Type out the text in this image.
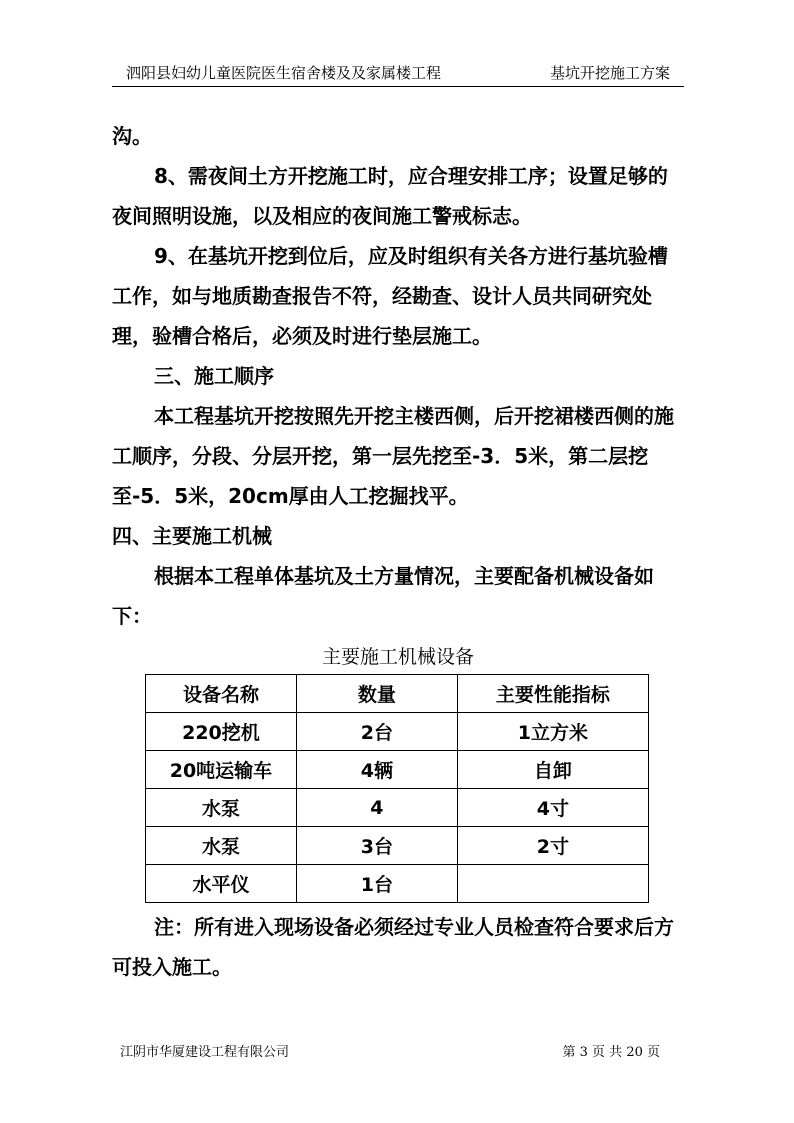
泗阳县妇幼儿童医院医生宿舍楼及及家属楼工程	基坑开挖施工方案

沟。

8、需夜间土方开挖施工时，应合理安排工序；设置足够的夜间照明设施，以及相应的夜间施工警戒标志。

9、在基坑开挖到位后，应及时组织有关各方进行基坑验槽工作，如与地质勘查报告不符，经勘查、设计人员共同研究处理，验槽合格后，必须及时进行垫层施工。

三、施工顺序

本工程基坑开挖按照先开挖主楼西侧，后开挖裙楼西侧的施工顺序，分段、分层开挖，第一层先挖至-3．5米，第二层挖至-5．5米，20cm厚由人工挖掘找平。

四、主要施工机械

根据本工程单体基坑及土方量情况，主要配备机械设备如下：

主要施工机械设备
设备名称	数量	主要性能指标
220挖机	2台	1立方米
20吨运输车	4辆	自卸
水泵	4	4寸
水泵	3台	2寸
水平仪	1台	

注：所有进入现场设备必须经过专业人员检查符合要求后方可投入施工。

江阴市华厦建设工程有限公司	第 3 页 共 20 页
